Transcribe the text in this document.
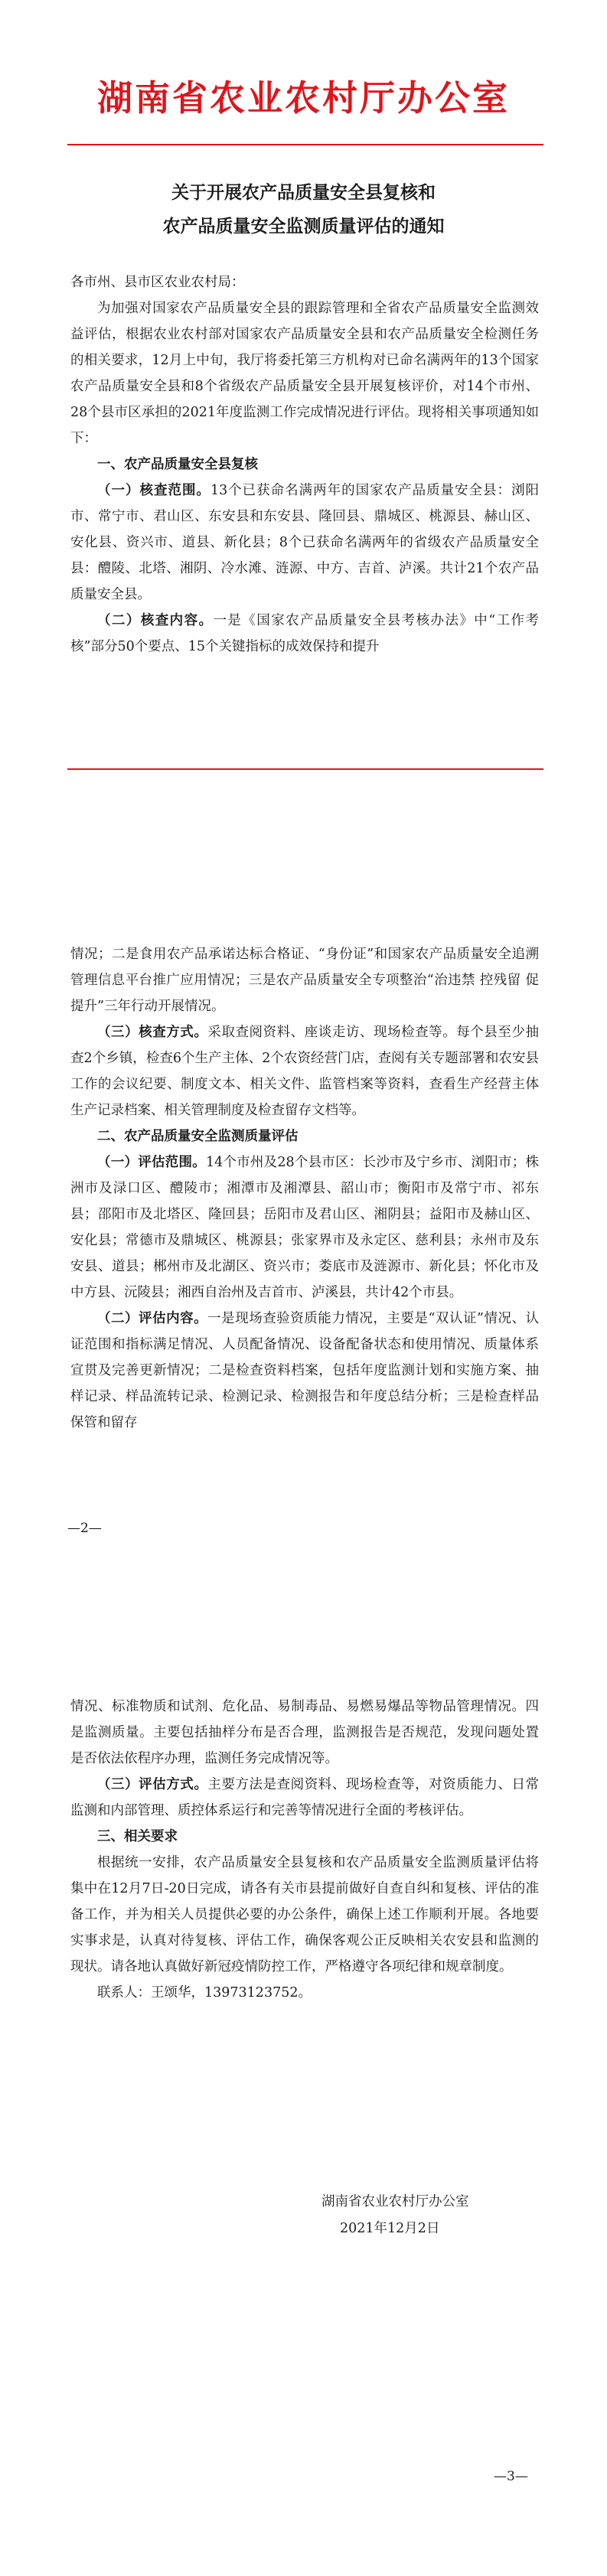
湖南省农业农村厅办公室
关于开展农产品质量安全县复核和
农产品质量安全监测质量评估的通知

各市州、县市区农业农村局：

为加强对国家农产品质量安全县的跟踪管理和全省农产品质量安全监测效益评估，根据农业农村部对国家农产品质量安全县和农产品质量安全检测任务的相关要求，12月上中旬，我厅将委托第三方机构对已命名满两年的13个国家农产品质量安全县和8个省级农产品质量安全县开展复核评价，对14个市州、28个县市区承担的2021年度监测工作完成情况进行评估。现将相关事项通知如下：

一、农产品质量安全县复核

（一）核查范围。13个已获命名满两年的国家农产品质量安全县：浏阳市、常宁市、君山区、东安县和东安县、隆回县、鼎城区、桃源县、赫山区、安化县、资兴市、道县、新化县；8个已获命名满两年的省级农产品质量安全县：醴陵、北塔、湘阴、冷水滩、涟源、中方、吉首、泸溪。共计21个农产品质量安全县。

（二）核查内容。一是《国家农产品质量安全县考核办法》中“工作考核”部分50个要点、15个关键指标的成效保持和提升

情况；二是食用农产品承诺达标合格证、“身份证”和国家农产品质量安全追溯管理信息平台推广应用情况；三是农产品质量安全专项整治“治违禁 控残留 促提升”三年行动开展情况。

（三）核查方式。采取查阅资料、座谈走访、现场检查等。每个县至少抽查2个乡镇，检查6个生产主体、2个农资经营门店，查阅有关专题部署和农安县工作的会议纪要、制度文本、相关文件、监管档案等资料，查看生产经营主体生产记录档案、相关管理制度及检查留存文档等。

二、农产品质量安全监测质量评估

（一）评估范围。14个市州及28个县市区：长沙市及宁乡市、浏阳市；株洲市及渌口区、醴陵市；湘潭市及湘潭县、韶山市；衡阳市及常宁市、祁东县；邵阳市及北塔区、隆回县；岳阳市及君山区、湘阴县；益阳市及赫山区、安化县；常德市及鼎城区、桃源县；张家界市及永定区、慈利县；永州市及东安县、道县；郴州市及北湖区、资兴市；娄底市及涟源市、新化县；怀化市及中方县、沅陵县；湘西自治州及吉首市、泸溪县，共计42个市县。

（二）评估内容。一是现场查验资质能力情况，主要是“双认证”情况、认证范围和指标满足情况、人员配备情况、设备配备状态和使用情况、质量体系宣贯及完善更新情况；二是检查资料档案，包括年度监测计划和实施方案、抽样记录、样品流转记录、检测记录、检测报告和年度总结分析；三是检查样品保管和留存

—2—

情况、标准物质和试剂、危化品、易制毒品、易燃易爆品等物品管理情况。四是监测质量。主要包括抽样分布是否合理，监测报告是否规范，发现问题处置是否依法依程序办理，监测任务完成情况等。

（三）评估方式。主要方法是查阅资料、现场检查等，对资质能力、日常监测和内部管理、质控体系运行和完善等情况进行全面的考核评估。

三、相关要求

根据统一安排，农产品质量安全县复核和农产品质量安全监测质量评估将集中在12月7日-20日完成，请各有关市县提前做好自查自纠和复核、评估的准备工作，并为相关人员提供必要的办公条件，确保上述工作顺利开展。各地要实事求是，认真对待复核、评估工作，确保客观公正反映相关农安县和监测的现状。请各地认真做好新冠疫情防控工作，严格遵守各项纪律和规章制度。

联系人：王颂华，13973123752。

湖南省农业农村厅办公室
2021年12月2日
—3—
